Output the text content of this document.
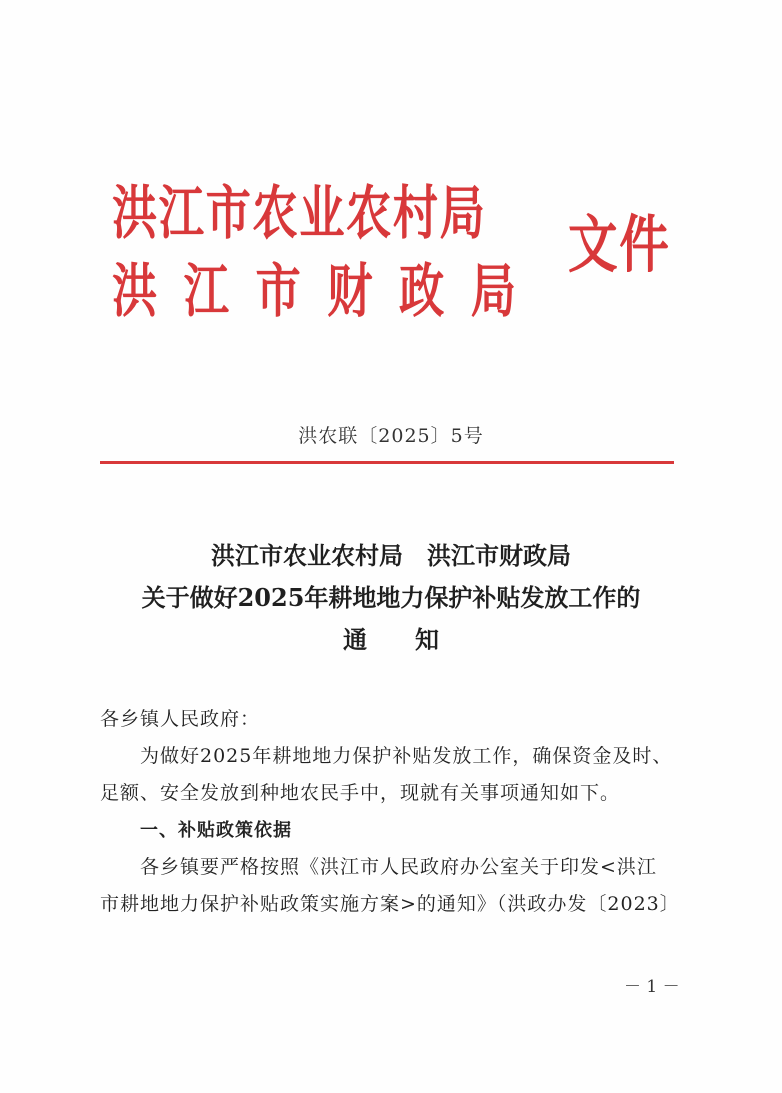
洪江市农业农村局
洪江市财政局
文件
洪农联〔2025〕5号
洪江市农业农村局　洪江市财政局
关于做好2025年耕地地力保护补贴发放工作的
通知

各乡镇人民政府：

为做好2025年耕地地力保护补贴发放工作，确保资金及时、

足额、安全发放到种地农民手中，现就有关事项通知如下。

一、补贴政策依据

各乡镇要严格按照《洪江市人民政府办公室关于印发<洪江

市耕地地力保护补贴政策实施方案>的通知》（洪政办发〔2023〕

－ 1 －
